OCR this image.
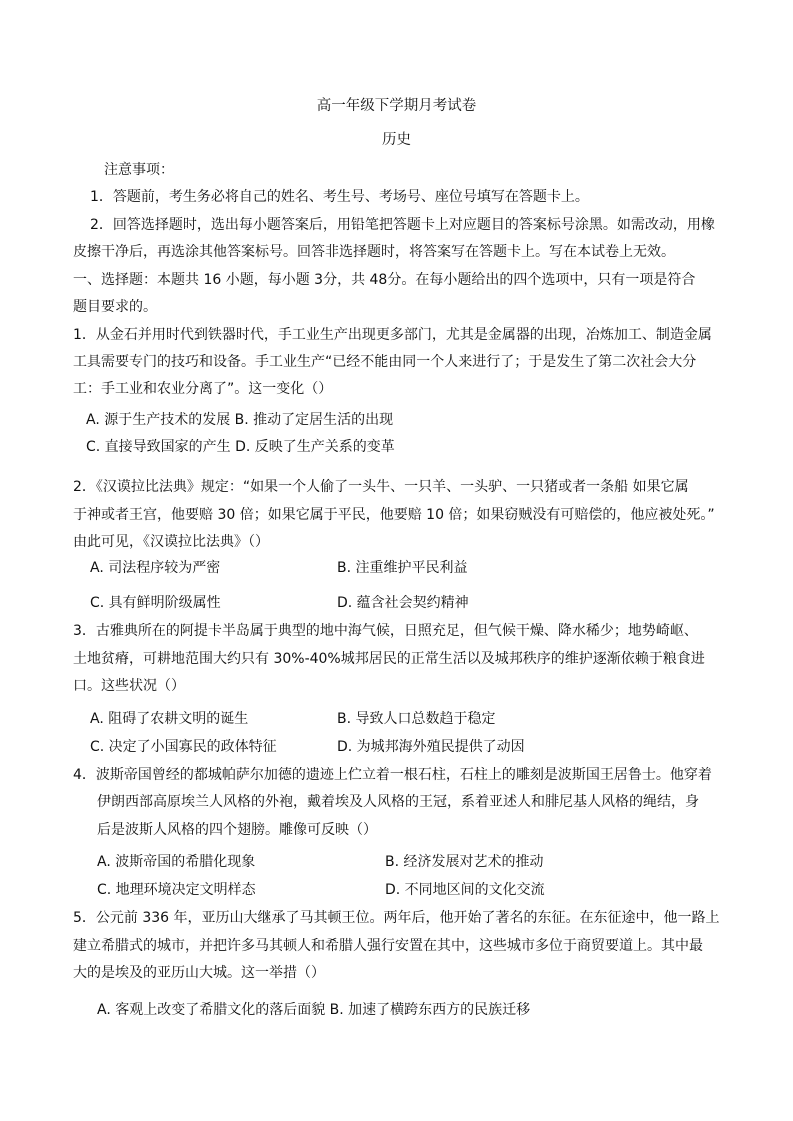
高一年级下学期月考试卷
历史
注意事项：
1．答题前，考生务必将自己的姓名、考生号、考场号、座位号填写在答题卡上。
2．回答选择题时，选出每小题答案后，用铅笔把答题卡上对应题目的答案标号涂黑。如需改动，用橡
皮擦干净后，再选涂其他答案标号。回答非选择题时，将答案写在答题卡上。写在本试卷上无效。
一、选择题：本题共 16 小题，每小题 3分，共 48分。在每小题给出的四个选项中，只有一项是符合
题目要求的。
1．从金石并用时代到铁器时代，手工业生产出现更多部门，尤其是金属器的出现，冶炼加工、制造金属
工具需要专门的技巧和设备。手工业生产“已经不能由同一个人来进行了；于是发生了第二次社会大分
工：手工业和农业分离了”。这一变化（）
A. 源于生产技术的发展 B. 推动了定居生活的出现
C. 直接导致国家的产生 D. 反映了生产关系的变革
2．《汉谟拉比法典》规定：“如果一个人偷了一头牛、一只羊、一头驴、一只猪或者一条船 如果它属
于神或者王宫，他要赔 30 倍；如果它属于平民，他要赔 10 倍；如果窃贼没有可赔偿的，他应被处死。”
由此可见，《汉谟拉比法典》（）
A. 司法程序较为严密	B. 注重维护平民利益
C. 具有鲜明阶级属性	D. 蕴含社会契约精神
3．古雅典所在的阿提卡半岛属于典型的地中海气候，日照充足，但气候干燥、降水稀少；地势崎岖、
土地贫瘠，可耕地范围大约只有 30%-40%城邦居民的正常生活以及城邦秩序的维护逐渐依赖于粮食进
口。这些状况（）
A. 阻碍了农耕文明的诞生	B. 导致人口总数趋于稳定
C. 决定了小国寡民的政体特征	D. 为城邦海外殖民提供了动因
4．波斯帝国曾经的都城帕萨尔加德的遗迹上伫立着一根石柱，石柱上的雕刻是波斯国王居鲁士。他穿着
伊朗西部高原埃兰人风格的外袍，戴着埃及人风格的王冠，系着亚述人和腓尼基人风格的绳结，身
后是波斯人风格的四个翅膀。雕像可反映（）
A. 波斯帝国的希腊化现象	B. 经济发展对艺术的推动
C. 地理环境决定文明样态	D. 不同地区间的文化交流
5．公元前 336 年，亚历山大继承了马其顿王位。两年后，他开始了著名的东征。在东征途中，他一路上
建立希腊式的城市，并把许多马其顿人和希腊人强行安置在其中，这些城市多位于商贸要道上。其中最
大的是埃及的亚历山大城。这一举措（）
A. 客观上改变了希腊文化的落后面貌 B. 加速了横跨东西方的民族迁移
